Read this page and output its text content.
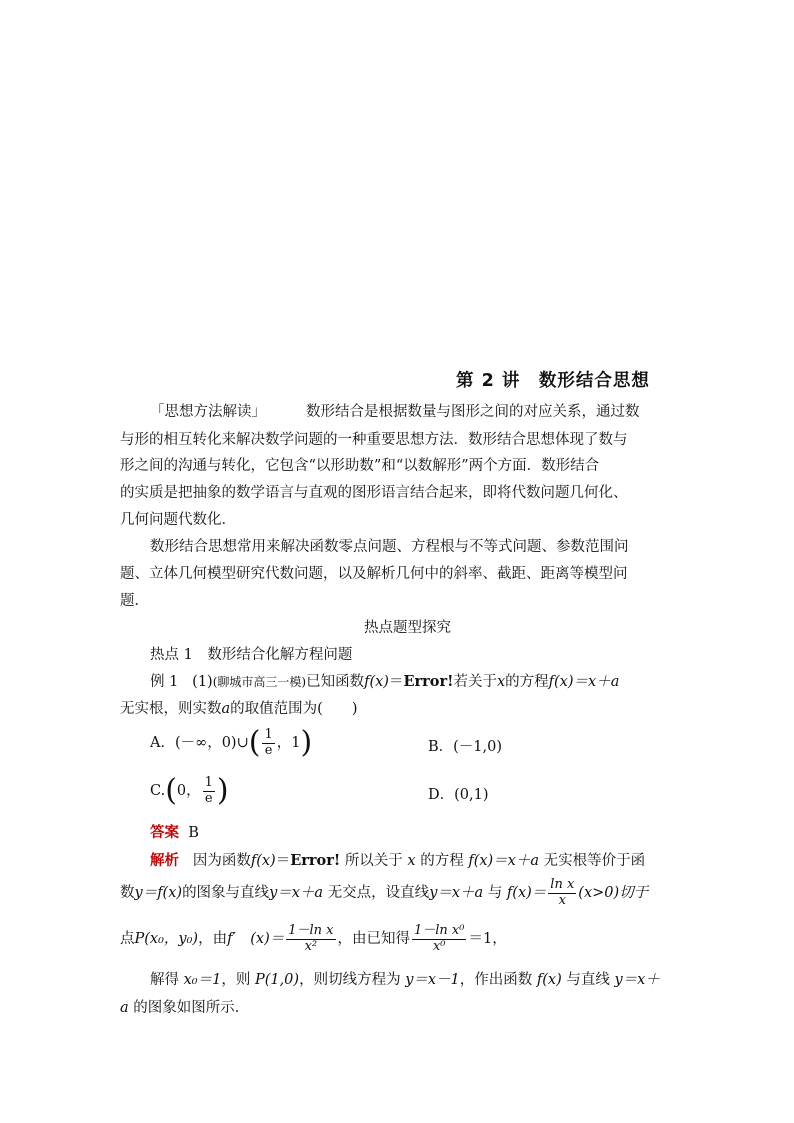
第 2 讲　数形结合思想
「思想方法解读」	数形结合是根据数量与图形之间的对应关系，通过数
与形的相互转化来解决数学问题的一种重要思想方法．数形结合思想体现了数与
形之间的沟通与转化，它包含“以形助数”和“以数解形”两个方面．数形结合
的实质是把抽象的数学语言与直观的图形语言结合起来，即将代数问题几何化、
几何问题代数化．
数形结合思想常用来解决函数零点问题、方程根与不等式问题、参数范围问
题、立体几何模型研究代数问题，以及解析几何中的斜率、截距、距离等模型问
题．
热点题型探究
热点 1　数形结合化解方程问题
例 1 (1)(聊城市高三一模)已知函数f(x)＝Error!若关于x的方程f(x)＝x＋a
无实根，则实数a的取值范围为(　　)
A．(－∞，0)∪( $\frac{1}{e}$ ，1)	B．(－1,0)
C.(0， $\frac{1}{e}$ )	D．(0,1)
答案 B
解析 因为函数f(x)＝Error! 所以关于 x 的方程 f(x)＝x＋a 无实根等价于函
数y＝f(x)的图象与直线y＝x＋a 无交点，设直线y＝x＋a 与 $f(x)= \frac{\text{ln x}}{x} (x>0)$切于
点P(x₀，y₀)，由f′　$(x)= \frac{\text{1－ln x}}{\text{x²}}$ ，由已知得 $\frac{\text{1－ln x⁰}}{\text{x⁰}} =1$，
解得 x₀＝1，则 P(1,0)，则切线方程为 y＝x－1，作出函数 f(x) 与直线 y＝x＋
a 的图象如图所示．
